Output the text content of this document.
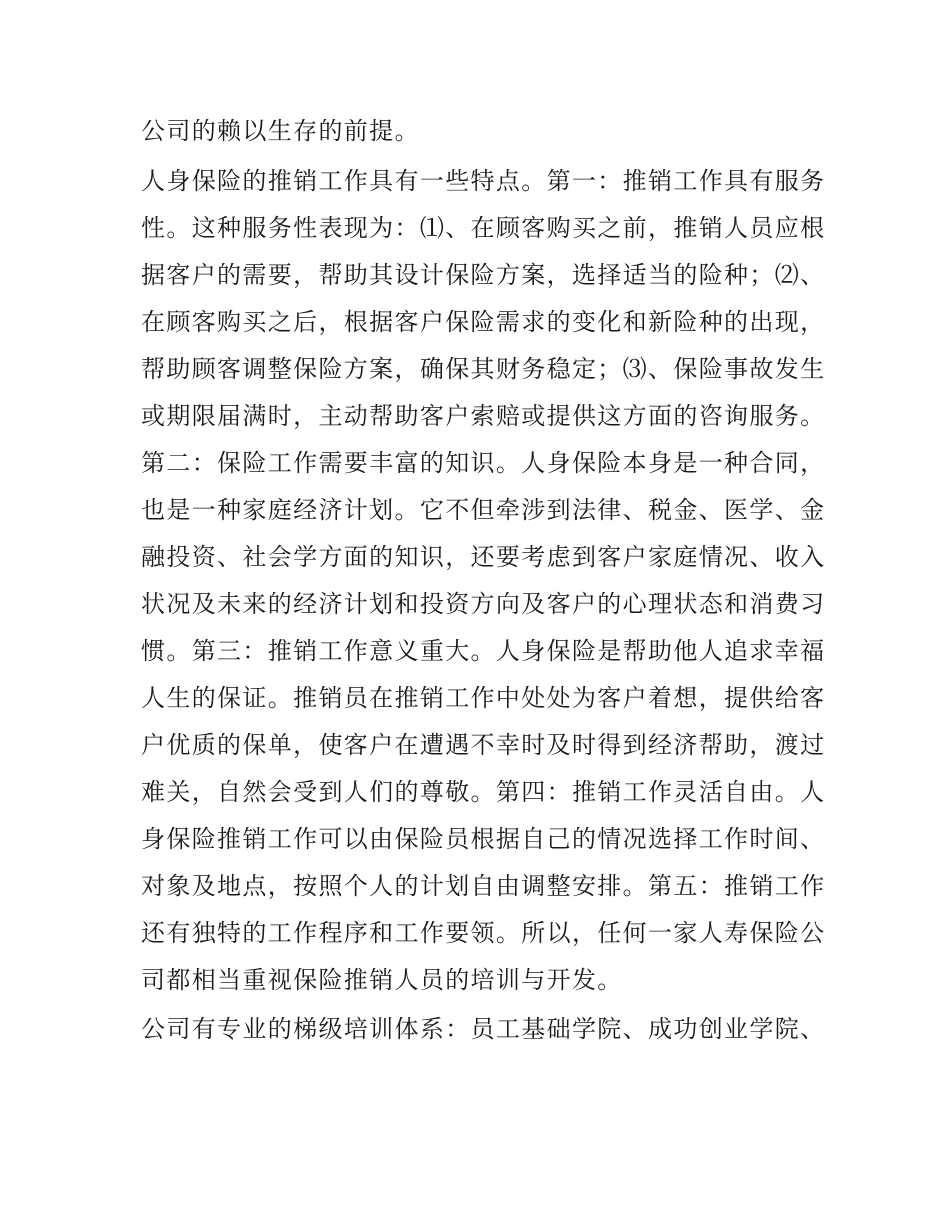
公司的赖以生存的前提。
人身保险的推销工作具有一些特点。第一：推销工作具有服务
性。这种服务性表现为：⑴、在顾客购买之前，推销人员应根
据客户的需要，帮助其设计保险方案，选择适当的险种；⑵、
在顾客购买之后，根据客户保险需求的变化和新险种的出现，
帮助顾客调整保险方案，确保其财务稳定；⑶、保险事故发生
或期限届满时，主动帮助客户索赔或提供这方面的咨询服务。
第二：保险工作需要丰富的知识。人身保险本身是一种合同，
也是一种家庭经济计划。它不但牵涉到法律、税金、医学、金
融投资、社会学方面的知识，还要考虑到客户家庭情况、收入
状况及未来的经济计划和投资方向及客户的心理状态和消费习
惯。第三：推销工作意义重大。人身保险是帮助他人追求幸福
人生的保证。推销员在推销工作中处处为客户着想，提供给客
户优质的保单，使客户在遭遇不幸时及时得到经济帮助，渡过
难关，自然会受到人们的尊敬。第四：推销工作灵活自由。人
身保险推销工作可以由保险员根据自己的情况选择工作时间、
对象及地点，按照个人的计划自由调整安排。第五：推销工作
还有独特的工作程序和工作要领。所以，任何一家人寿保险公
司都相当重视保险推销人员的培训与开发。
公司有专业的梯级培训体系：员工基础学院、成功创业学院、
